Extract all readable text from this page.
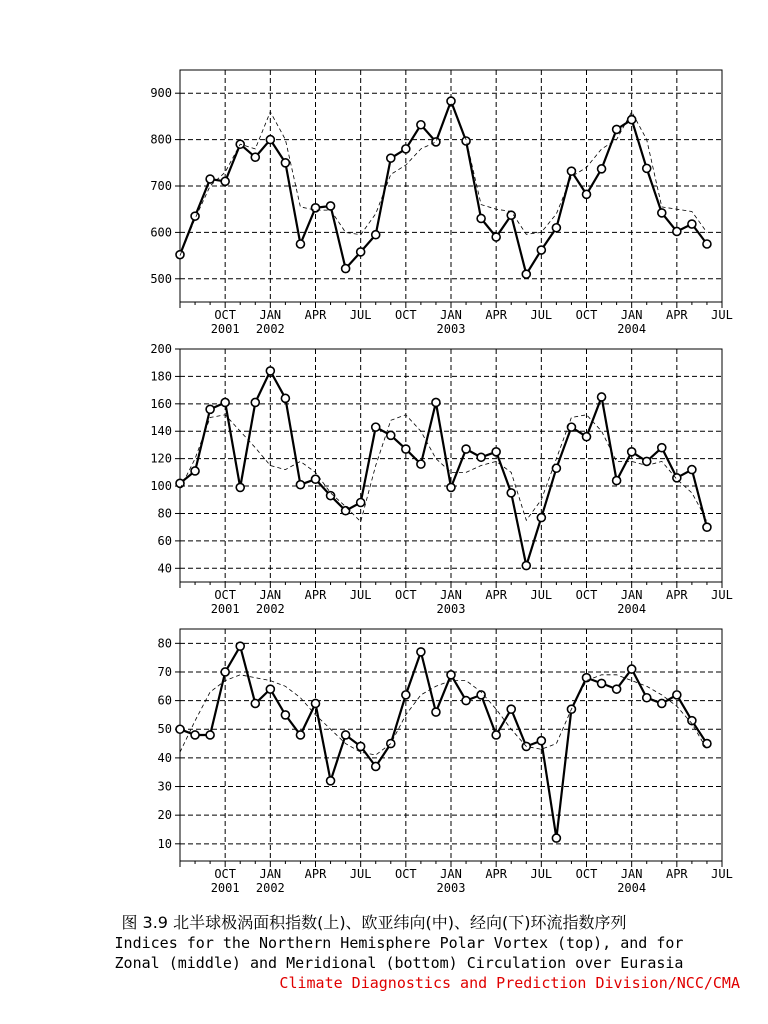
500
600
700
800
900
OCT
2001
JAN
2002
APR JUL OCT JAN
2003
APR JUL OCT JAN
2004
APR JUL
40
60
80
100
120
140
160
180
200
OCT
2001
JAN
2002
APR JUL OCT JAN
2003
APR JUL OCT JAN
2004
APR JUL
10
20
30
40
50
60
70
80
OCT
2001
JAN
2002
APR JUL OCT JAN
2003
APR JUL OCT JAN
2004
APR JUL
图 3.9 北半球极涡面积指数(上)、欧亚纬向(中)、经向(下)环流指数序列
Indices for the Northern Hemisphere Polar Vortex (top), and for
Zonal (middle) and Meridional (bottom) Circulation over Eurasia
Climate Diagnostics and Prediction Division/NCC/CMA
